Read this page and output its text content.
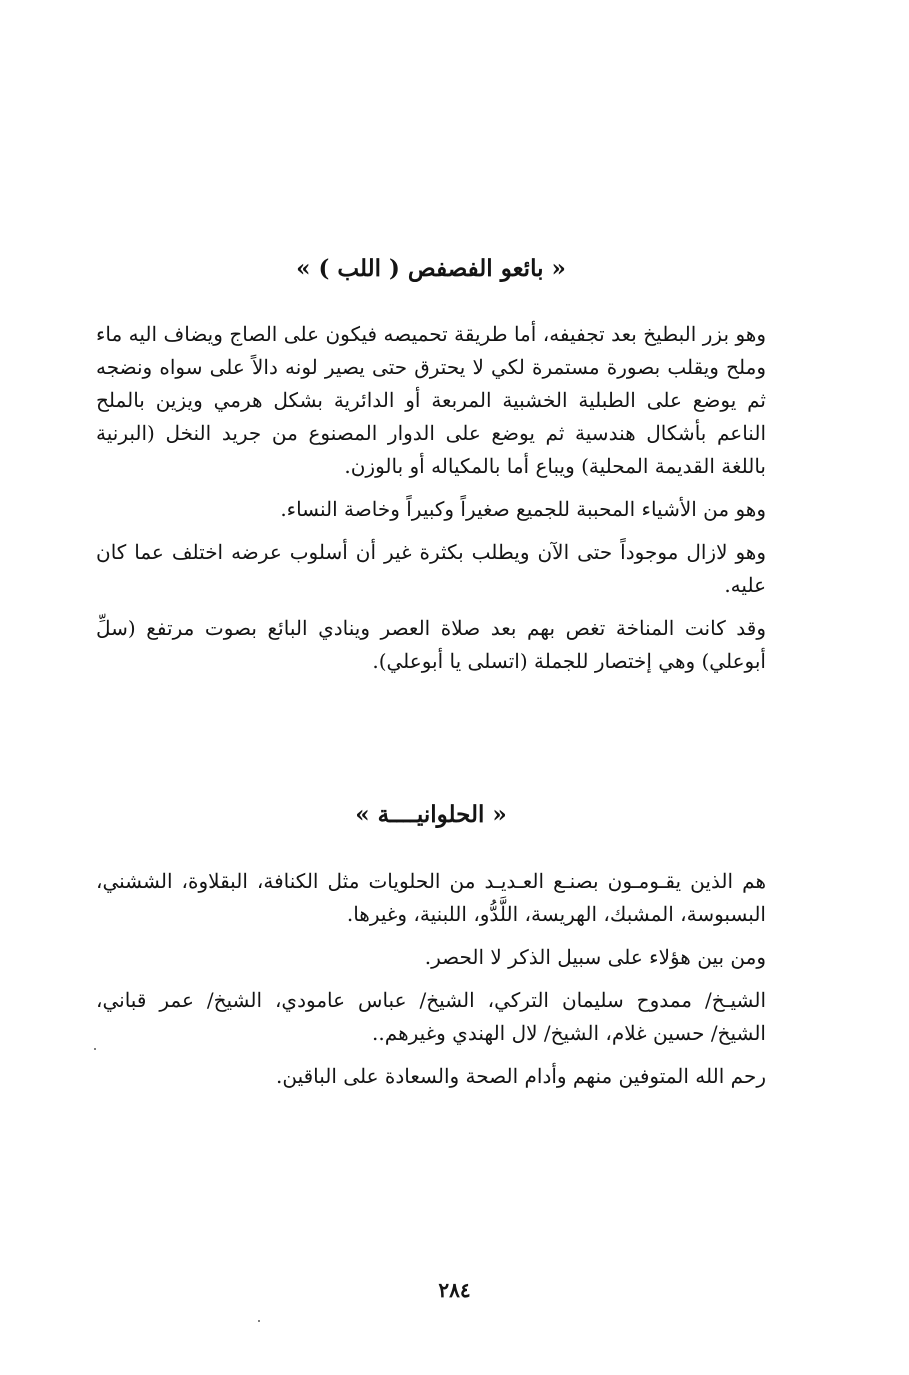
« بائعو الفصفص ( اللب ) »

وهو بزر البطيخ بعد تجفيفه، أما طريقة تحميصه فيكون على الصاج ويضاف اليه ماء وملح ويقلب بصورة مستمرة لكي لا يحترق حتى يصير لونه دالاً على سواه ونضجه ثم يوضع على الطبلية الخشبية المربعة أو الدائرية بشكل هرمي ويزين بالملح الناعم بأشكال هندسية ثم يوضع على الدوار المصنوع من جريد النخل (البرنية باللغة القديمة المحلية) ويباع أما بالمكياله أو بالوزن.

وهو من الأشياء المحببة للجميع صغيراً وكبيراً وخاصة النساء.

وهو لازال موجوداً حتى الآن ويطلب بكثرة غير أن أسلوب عرضه اختلف عما كان عليه.

وقد كانت المناخة تغص بهم بعد صلاة العصر وينادي البائع بصوت مرتفع (سلِّ أبوعلي) وهي إختصار للجملة (اتسلى يا أبوعلي).

« الحلوانيــــة »

هم الذين يقـومـون بصنـع العـديـد من الحلويات مثل الكنافة، البقلاوة، الششني، البسبوسة، المشبك، الهريسة، اللَّدُّو، اللبنية، وغيرها.

ومن بين هؤلاء على سبيل الذكر لا الحصر.

الشيـخ/ ممدوح سليمان التركي، الشيخ/ عباس عامودي، الشيخ/ عمر قباني، الشيخ/ حسين غلام، الشيخ/ لال الهندي وغيرهم..

رحم الله المتوفين منهم وأدام الصحة والسعادة على الباقين.

٢٨٤
